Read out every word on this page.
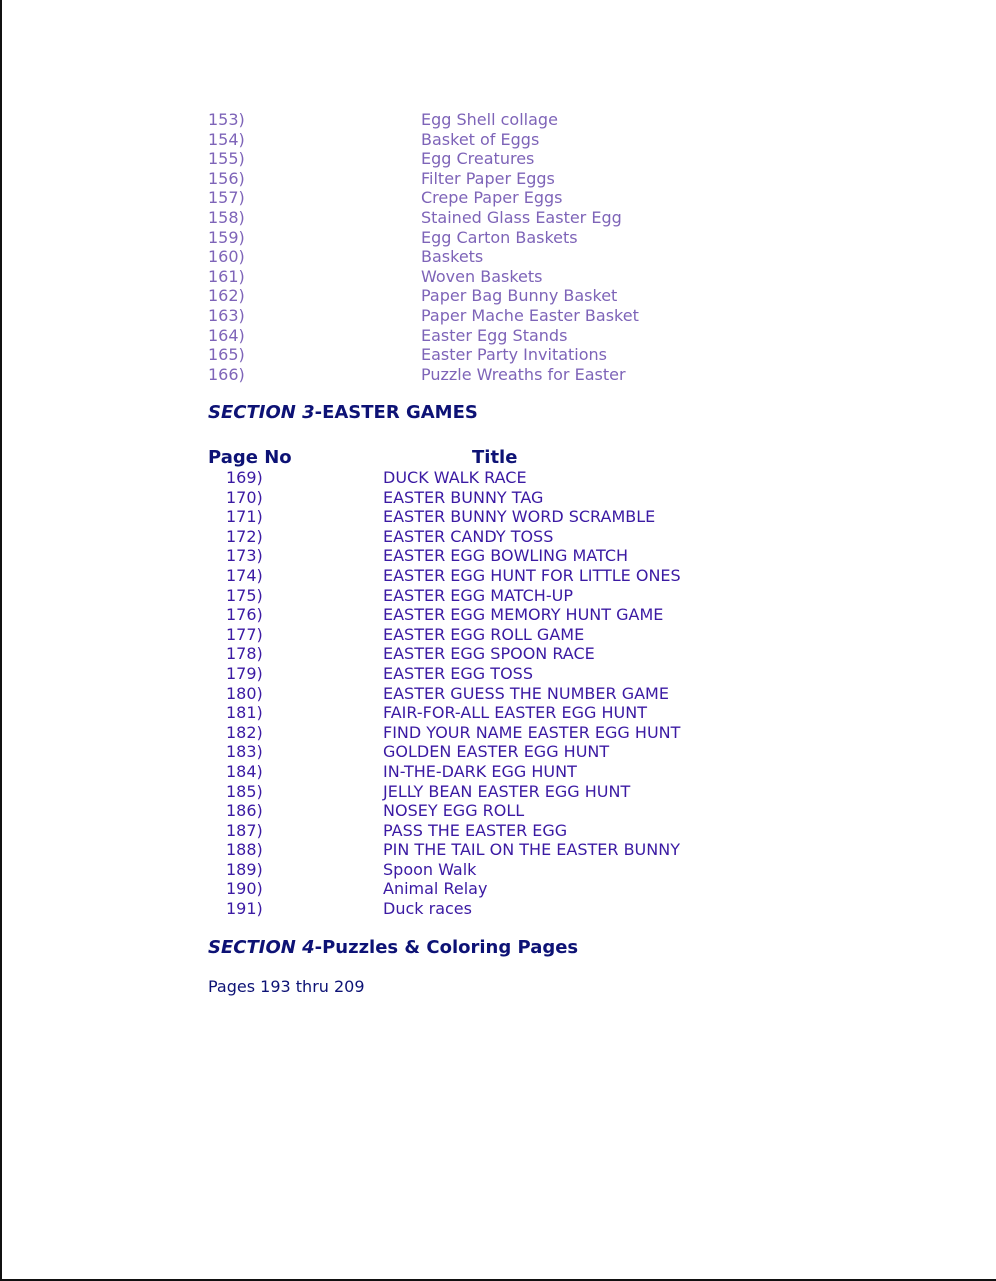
153)	Egg Shell collage
154)	Basket of Eggs
155)	Egg Creatures
156)	Filter Paper Eggs
157)	Crepe Paper Eggs
158)	Stained Glass Easter Egg
159)	Egg Carton Baskets
160)	Baskets
161)	Woven Baskets
162)	Paper Bag Bunny Basket
163)	Paper Mache Easter Basket
164)	Easter Egg Stands
165)	Easter Party Invitations
166)	Puzzle Wreaths for Easter
SECTION 3-EASTER GAMES
Page No	Title
169)	DUCK WALK RACE
170)	EASTER BUNNY TAG
171)	EASTER BUNNY WORD SCRAMBLE
172)	EASTER CANDY TOSS
173)	EASTER EGG BOWLING MATCH
174)	EASTER EGG HUNT FOR LITTLE ONES
175)	EASTER EGG MATCH-UP
176)	EASTER EGG MEMORY HUNT GAME
177)	EASTER EGG ROLL GAME
178)	EASTER EGG SPOON RACE
179)	EASTER EGG TOSS
180)	EASTER GUESS THE NUMBER GAME
181)	FAIR-FOR-ALL EASTER EGG HUNT
182)	FIND YOUR NAME EASTER EGG HUNT
183)	GOLDEN EASTER EGG HUNT
184)	IN-THE-DARK EGG HUNT
185)	JELLY BEAN EASTER EGG HUNT
186)	NOSEY EGG ROLL
187)	PASS THE EASTER EGG
188)	PIN THE TAIL ON THE EASTER BUNNY
189)	Spoon Walk
190)	Animal Relay
191)	Duck races
SECTION 4-Puzzles & Coloring Pages
Pages 193 thru 209
